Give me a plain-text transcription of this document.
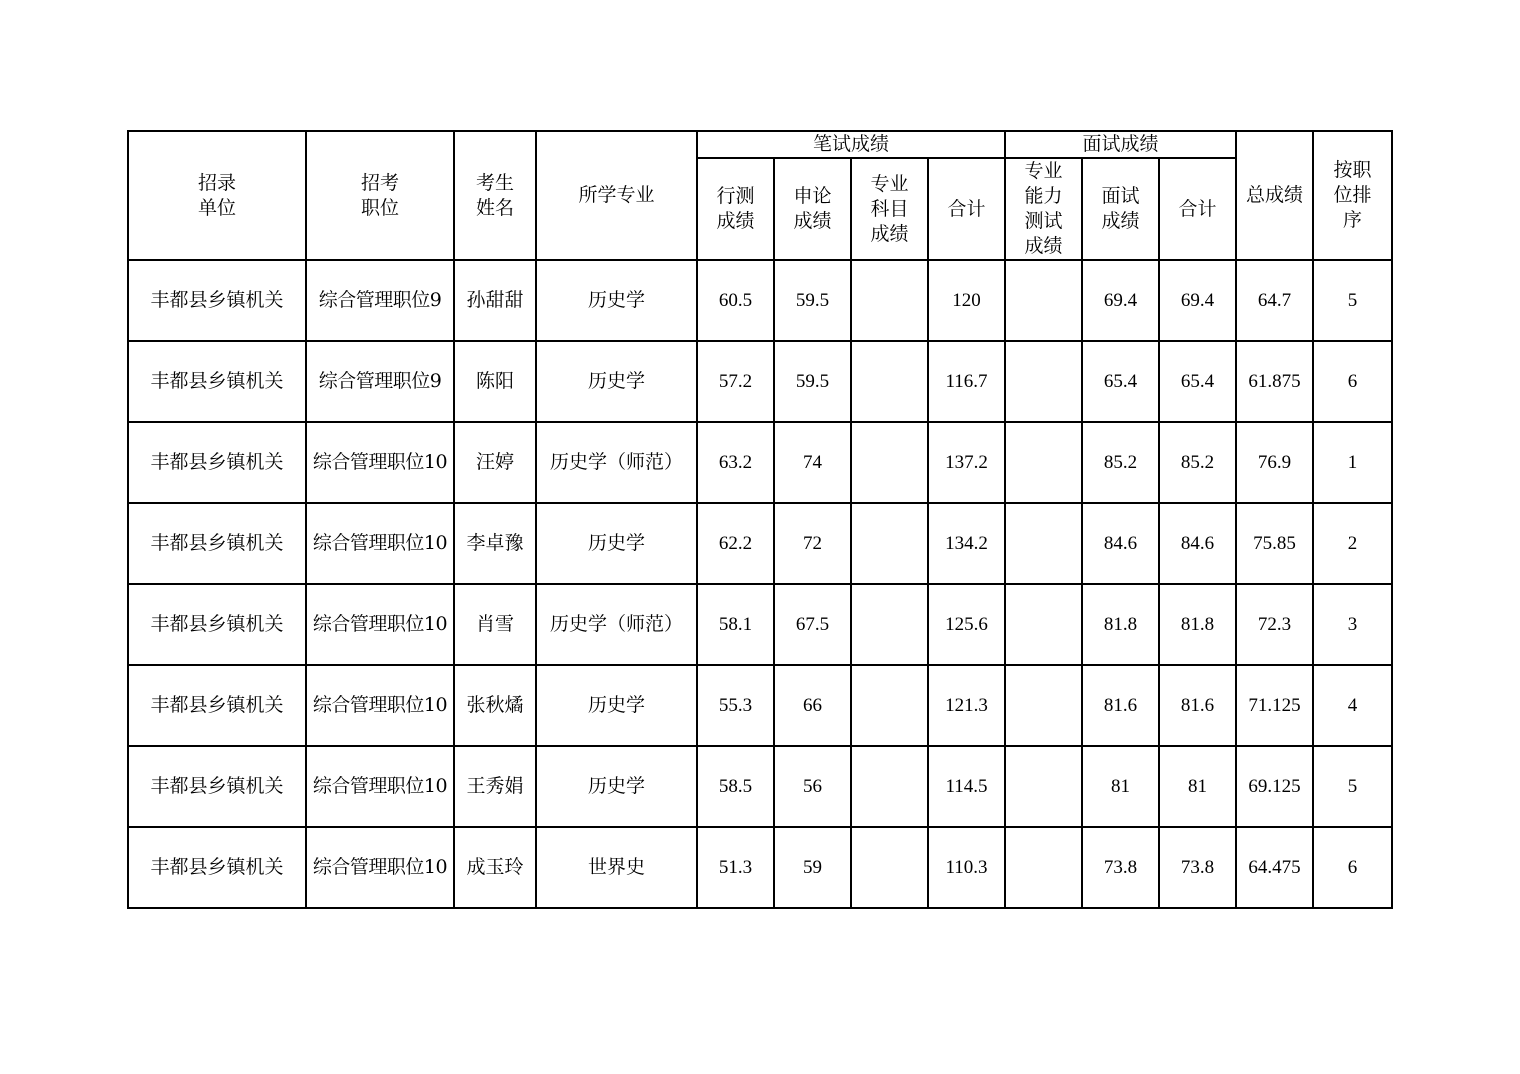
招录单位	招考职位	考生姓名	所学专业	笔试成绩				面试成绩			总成绩	按职位排序
				行测成绩	申论成绩	专业科目成绩	合计	专业能力测试成绩	面试成绩	合计		
丰都县乡镇机关	综合管理职位9	孙甜甜	历史学	60.5	59.5		120		69.4	69.4	64.7	5
丰都县乡镇机关	综合管理职位9	陈阳	历史学	57.2	59.5		116.7		65.4	65.4	61.875	6
丰都县乡镇机关	综合管理职位10	汪婷	历史学（师范）	63.2	74		137.2		85.2	85.2	76.9	1
丰都县乡镇机关	综合管理职位10	李卓豫	历史学	62.2	72		134.2		84.6	84.6	75.85	2
丰都县乡镇机关	综合管理职位10	肖雪	历史学（师范）	58.1	67.5		125.6		81.8	81.8	72.3	3
丰都县乡镇机关	综合管理职位10	张秋燏	历史学	55.3	66		121.3		81.6	81.6	71.125	4
丰都县乡镇机关	综合管理职位10	王秀娟	历史学	58.5	56		114.5		81	81	69.125	5
丰都县乡镇机关	综合管理职位10	成玉玲	世界史	51.3	59		110.3		73.8	73.8	64.475	6
